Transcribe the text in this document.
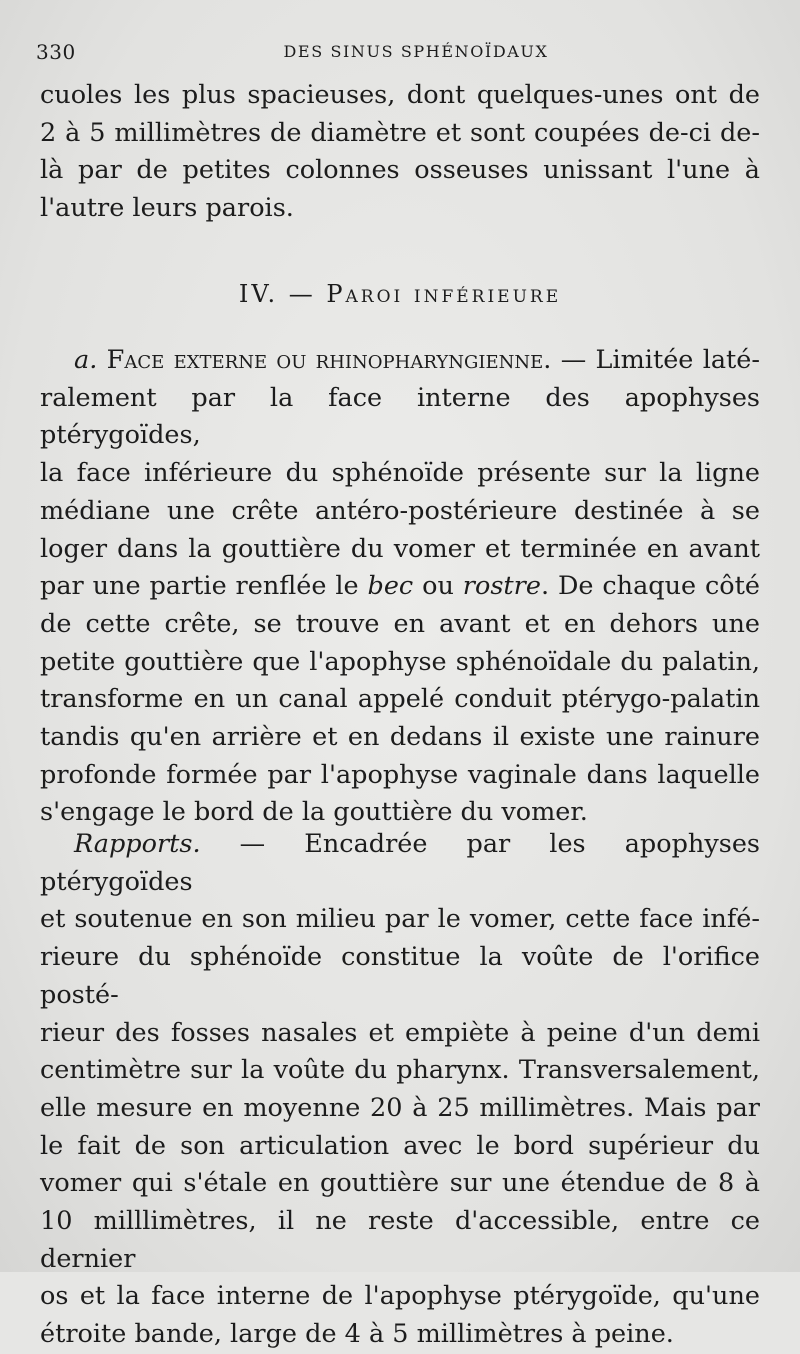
330	DES SINUS SPHÉNOÏDAUX

cuoles les plus spacieuses, dont quelques-unes ont de

2 à 5 millimètres de diamètre et sont coupées de-ci de-

là par de petites colonnes osseuses unissant l'une à

l'autre leurs parois.

IV. — Paroi inférieure

a. Face externe ou rhinopharyngienne. — Limitée laté-

ralement par la face interne des apophyses ptérygoïdes,

la face inférieure du sphénoïde présente sur la ligne

médiane une crête antéro-postérieure destinée à se

loger dans la gouttière du vomer et terminée en avant

par une partie renflée le bec ou rostre. De chaque côté

de cette crête, se trouve en avant et en dehors une

petite gouttière que l'apophyse sphénoïdale du palatin,

transforme en un canal appelé conduit ptérygo-palatin

tandis qu'en arrière et en dedans il existe une rainure

profonde formée par l'apophyse vaginale dans laquelle

s'engage le bord de la gouttière du vomer.

Rapports. — Encadrée par les apophyses ptérygoïdes

et soutenue en son milieu par le vomer, cette face infé-

rieure du sphénoïde constitue la voûte de l'orifice posté-

rieur des fosses nasales et empiète à peine d'un demi

centimètre sur la voûte du pharynx. Transversalement,

elle mesure en moyenne 20 à 25 millimètres. Mais par

le fait de son articulation avec le bord supérieur du

vomer qui s'étale en gouttière sur une étendue de 8 à

10 milllimètres, il ne reste d'accessible, entre ce dernier

os et la face interne de l'apophyse ptérygoïde, qu'une

étroite bande, large de 4 à 5 millimètres à peine.
